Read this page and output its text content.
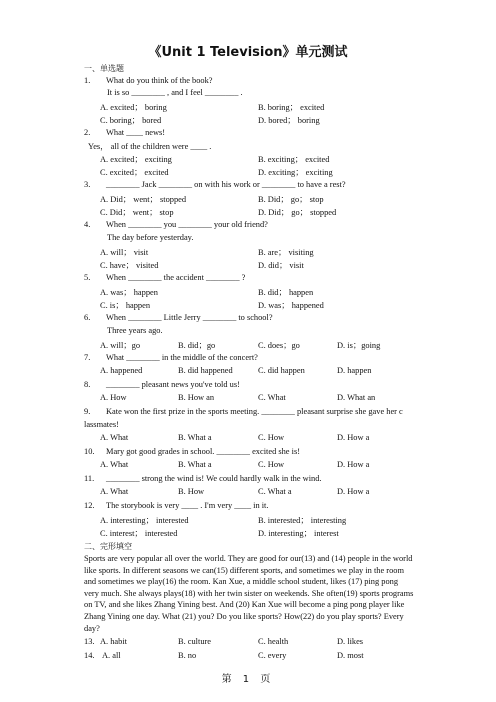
《Unit 1 Television》单元测试
一、单选题
1. What do you think of the book?
It is so ________ , and I feel ________ .
A. excited； boring	B. boring； excited
C. boring； bored	D. bored； boring
2. What ____ news!
Yes， all of the children were ____ .
A. excited； exciting	B. exciting； excited
C. excited； excited	D. exciting； exciting
3. ________ Jack ________ on with his work or ________ to have a rest?
A. Did； went； stopped	B. Did； go； stop
C. Did； went； stop	D. Did； go； stopped
4. When ________ you ________ your old friend?
The day before yesterday.
A. will； visit	B. are； visiting
C. have； visited	D. did； visit
5. When ________ the accident ________ ?
A. was； happen	B. did； happen
C. is； happen	D. was； happened
6. When ________ Little Jerry ________ to school?
Three years ago.
A. will；go	B. did；go	C. does；go	D. is；going
7. What ________ in the middle of the concert?
A. happened	B. did happened	C. did happen	D. happen
8. ________ pleasant news you've told us!
A. How	B. How an	C. What	D. What an
9. Kate won the first prize in the sports meeting. ________ pleasant surprise she gave her c
lassmates!
A. What	B. What a	C. How	D. How a
10. Mary got good grades in school. ________ excited she is!
A. What	B. What a	C. How	D. How a
11. ________ strong the wind is! We could hardly walk in the wind.
A. What	B. How	C. What a	D. How a
12. The storybook is very ____ . I'm very ____ in it.
A. interesting； interested	B. interested； interesting
C. interest； interested	D. interesting； interest
二、完形填空
Sports are very popular all over the world. They are good for our(13) and (14) people in the world like sports. In different seasons we can(15) different sports, and sometimes we play in the room and sometimes we play(16) the room. Kan Xue, a middle school student, likes (17) ping pong very much. She always plays(18) with her twin sister on weekends. She often(19) sports programs on TV, and she likes Zhang Yining best. And (20) Kan Xue will become a ping pong player like Zhang Yining one day. What (21) you? Do you like sports? How(22) do you play sports? Every day?
13. A. habit	B. culture	C. health	D. likes
14. A. all	B. no	C. every	D. most
第 1 页
